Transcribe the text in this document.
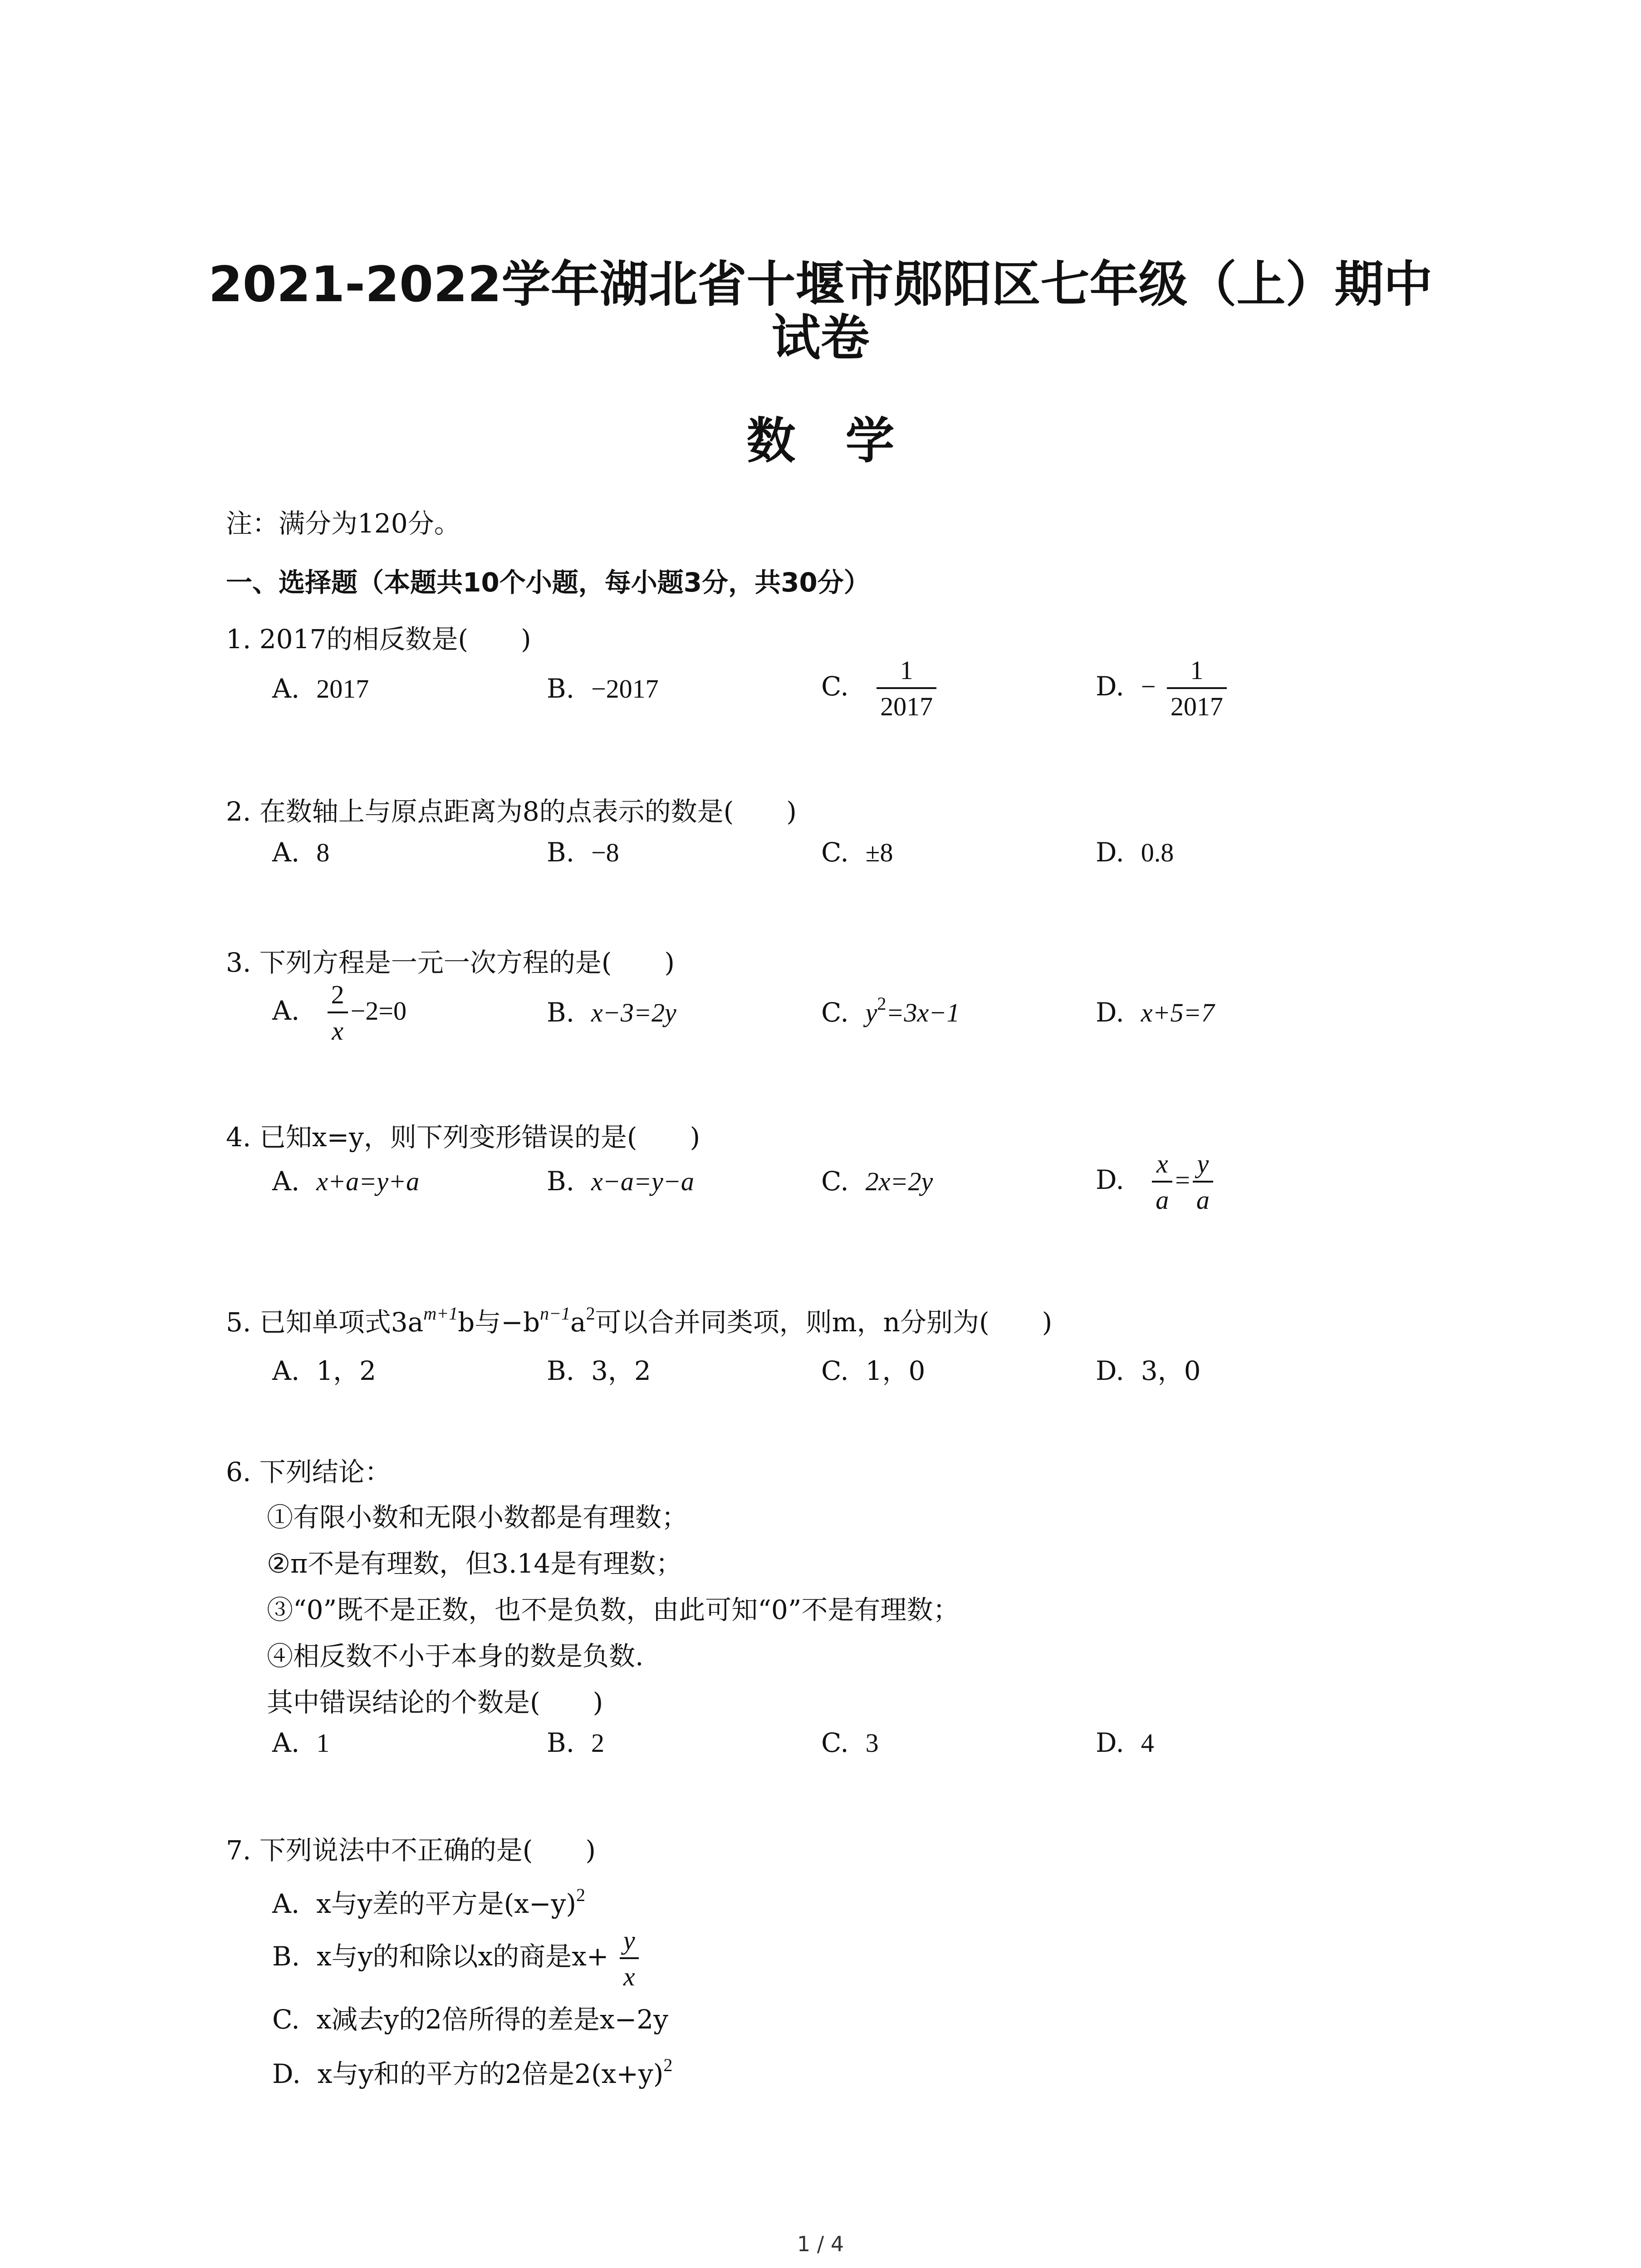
2021-2022学年湖北省十堰市郧阳区七年级（上）期中
试卷
数学
注：满分为120分。
一、选择题（本题共10个小题，每小题3分，共30分）
1. 2017的相反数是(　　)
A. 2017	B. −2017	C. $\frac{1}{2017}$	D. − $\frac{1}{2017}$
2. 在数轴上与原点距离为8的点表示的数是(　　)
A. 8	B. −8	C. ±8	D. 0.8
3. 下列方程是一元一次方程的是(　　)
A. $\frac{2}{x} -2=0$	B. x−3=2y	C. $y^2=3x-1$	D. x+5=7
4. 已知x=y，则下列变形错误的是(　　)
A. x+a=y+a	B. x−a=y−a	C. 2x=2y	D. $\frac{x}{a} = \frac{y}{a}$
5. 已知单项式$3a^{m+1}b$与$-b^{n-1}a^2$可以合并同类项，则m，n分别为(　　)
A. 1，2	B. 3，2	C. 1，0	D. 3，0
6. 下列结论：
①有限小数和无限小数都是有理数；
②π不是有理数，但3.14是有理数；
③“0”既不是正数，也不是负数，由此可知“0”不是有理数；
④相反数不小于本身的数是负数.
其中错误结论的个数是(　　)
A. 1	B. 2	C. 3	D. 4
7. 下列说法中不正确的是(　　)
A. x与y差的平方是$(x-y)^2$
B. x与y的和除以x的商是$x+ \frac{y}{x}$
C. x减去y的2倍所得的差是x−2y
D. x与y和的平方的2倍是$2(x+y)^2$
1 / 4
